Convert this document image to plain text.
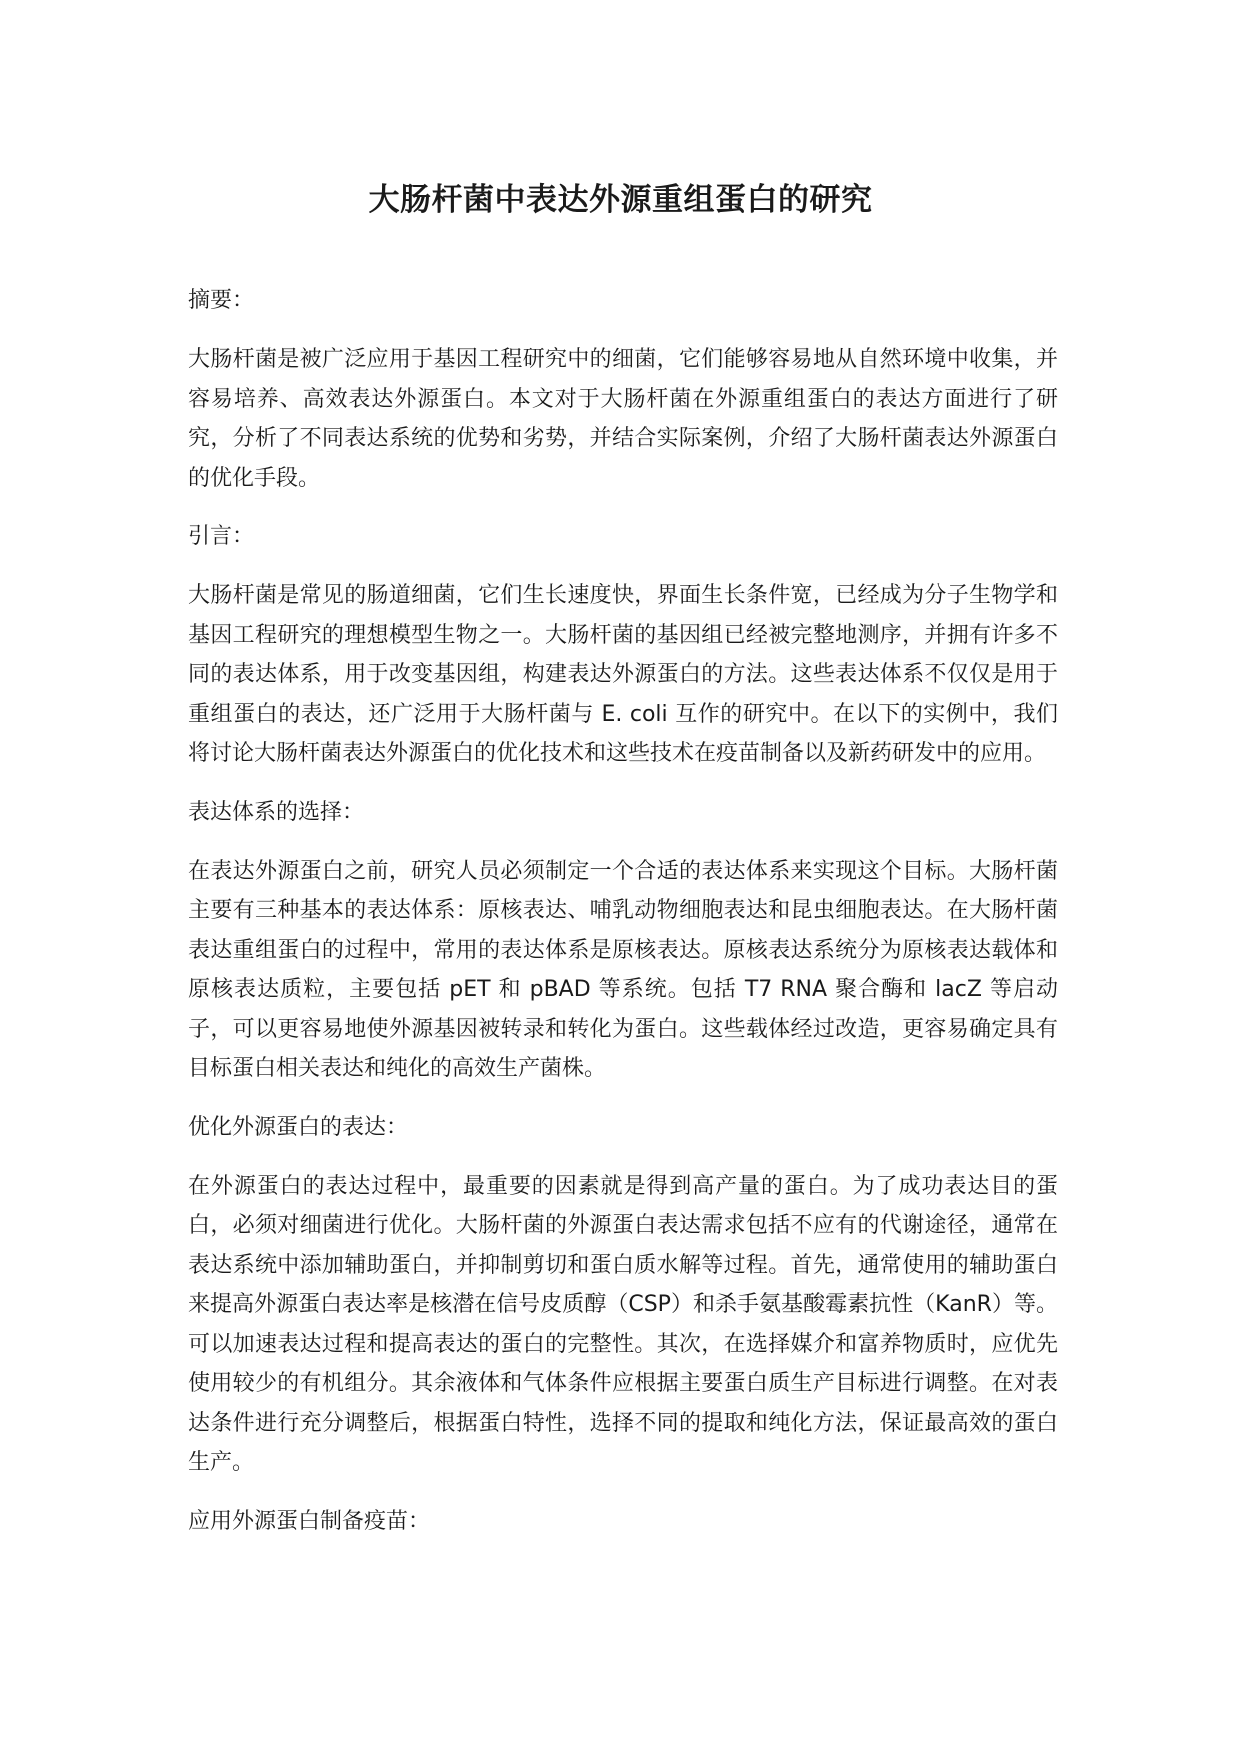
大肠杆菌中表达外源重组蛋白的研究

摘要：

大肠杆菌是被广泛应用于基因工程研究中的细菌，它们能够容易地从自然环境中收集，并容易培养、高效表达外源蛋白。本文对于大肠杆菌在外源重组蛋白的表达方面进行了研究，分析了不同表达系统的优势和劣势，并结合实际案例，介绍了大肠杆菌表达外源蛋白的优化手段。

引言：

大肠杆菌是常见的肠道细菌，它们生长速度快，界面生长条件宽，已经成为分子生物学和基因工程研究的理想模型生物之一。大肠杆菌的基因组已经被完整地测序，并拥有许多不同的表达体系，用于改变基因组，构建表达外源蛋白的方法。这些表达体系不仅仅是用于重组蛋白的表达，还广泛用于大肠杆菌与 E. coli 互作的研究中。在以下的实例中，我们将讨论大肠杆菌表达外源蛋白的优化技术和这些技术在疫苗制备以及新药研发中的应用。

表达体系的选择：

在表达外源蛋白之前，研究人员必须制定一个合适的表达体系来实现这个目标。大肠杆菌主要有三种基本的表达体系：原核表达、哺乳动物细胞表达和昆虫细胞表达。在大肠杆菌表达重组蛋白的过程中，常用的表达体系是原核表达。原核表达系统分为原核表达载体和原核表达质粒，主要包括 pET 和 pBAD 等系统。包括 T7 RNA 聚合酶和 lacZ 等启动子，可以更容易地使外源基因被转录和转化为蛋白。这些载体经过改造，更容易确定具有目标蛋白相关表达和纯化的高效生产菌株。

优化外源蛋白的表达：

在外源蛋白的表达过程中，最重要的因素就是得到高产量的蛋白。为了成功表达目的蛋白，必须对细菌进行优化。大肠杆菌的外源蛋白表达需求包括不应有的代谢途径，通常在表达系统中添加辅助蛋白，并抑制剪切和蛋白质水解等过程。首先，通常使用的辅助蛋白来提高外源蛋白表达率是核潜在信号皮质醇（CSP）和杀手氨基酸霉素抗性（KanR）等。可以加速表达过程和提高表达的蛋白的完整性。其次，在选择媒介和富养物质时，应优先使用较少的有机组分。其余液体和气体条件应根据主要蛋白质生产目标进行调整。在对表达条件进行充分调整后，根据蛋白特性，选择不同的提取和纯化方法，保证最高效的蛋白生产。

应用外源蛋白制备疫苗：
